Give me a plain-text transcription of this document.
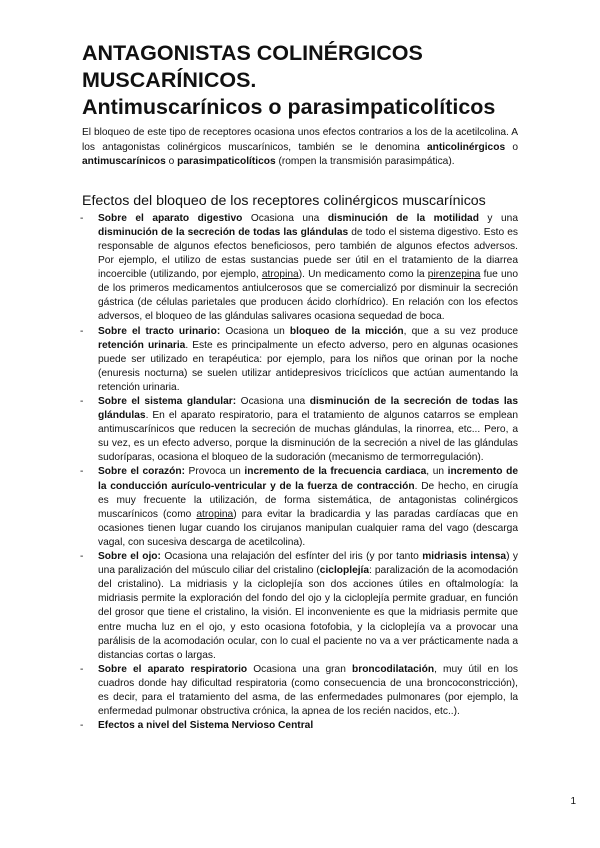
ANTAGONISTAS COLINÉRGICOS MUSCARÍNICOS.
Antimuscarínicos o parasimpaticolíticos

El bloqueo de este tipo de receptores ocasiona unos efectos contrarios a los de la acetilcolina. A los antagonistas colinérgicos muscarínicos, también se le denomina anticolinérgicos o antimuscarínicos o parasimpaticolíticos (rompen la transmisión parasimpática).

Efectos del bloqueo de los receptores colinérgicos muscarínicos
- Sobre el aparato digestivo Ocasiona una disminución de la motilidad y una disminución de la secreción de todas las glándulas de todo el sistema digestivo. Esto es responsable de algunos efectos beneficiosos, pero también de algunos efectos adversos. Por ejemplo, el utilizo de estas sustancias puede ser útil en el tratamiento de la diarrea incoercible (utilizando, por ejemplo, atropina). Un medicamento como la pirenzepina fue uno de los primeros medicamentos antiulcerosos que se comercializó por disminuir la secreción gástrica (de células parietales que producen ácido clorhídrico). En relación con los efectos adversos, el bloqueo de las glándulas salivares ocasiona sequedad de boca.
- Sobre el tracto urinario: Ocasiona un bloqueo de la micción, que a su vez produce retención urinaria. Este es principalmente un efecto adverso, pero en algunas ocasiones puede ser utilizado en terapéutica: por ejemplo, para los niños que orinan por la noche (enuresis nocturna) se suelen utilizar antidepresivos tricíclicos que actúan aumentando la retención urinaria.
- Sobre el sistema glandular: Ocasiona una disminución de la secreción de todas las glándulas. En el aparato respiratorio, para el tratamiento de algunos catarros se emplean antimuscarínicos que reducen la secreción de muchas glándulas, la rinorrea, etc... Pero, a su vez, es un efecto adverso, porque la disminución de la secreción a nivel de las glándulas sudoríparas, ocasiona el bloqueo de la sudoración (mecanismo de termorregulación).
- Sobre el corazón: Provoca un incremento de la frecuencia cardiaca, un incremento de la conducción aurículo-ventricular y de la fuerza de contracción. De hecho, en cirugía es muy frecuente la utilización, de forma sistemática, de antagonistas colinérgicos muscarínicos (como atropina) para evitar la bradicardia y las paradas cardíacas que en ocasiones tienen lugar cuando los cirujanos manipulan cualquier rama del vago (descarga vagal, con sucesiva descarga de acetilcolina).
- Sobre el ojo: Ocasiona una relajación del esfínter del iris (y por tanto midriasis intensa) y una paralización del músculo ciliar del cristalino (cicloplejía: paralización de la acomodación del cristalino). La midriasis y la cicloplejía son dos acciones útiles en oftalmología: la midriasis permite la exploración del fondo del ojo y la cicloplejía permite graduar, en función del grosor que tiene el cristalino, la visión. El inconveniente es que la midriasis permite que entre mucha luz en el ojo, y esto ocasiona fotofobia, y la cicloplejía va a provocar una parálisis de la acomodación ocular, con lo cual el paciente no va a ver prácticamente nada a distancias cortas o largas.
- Sobre el aparato respiratorio Ocasiona una gran broncodilatación, muy útil en los cuadros donde hay dificultad respiratoria (como consecuencia de una broncoconstricción), es decir, para el tratamiento del asma, de las enfermedades pulmonares (por ejemplo, la enfermedad pulmonar obstructiva crónica, la apnea de los recién nacidos, etc..).
- Efectos a nivel del Sistema Nervioso Central
1
